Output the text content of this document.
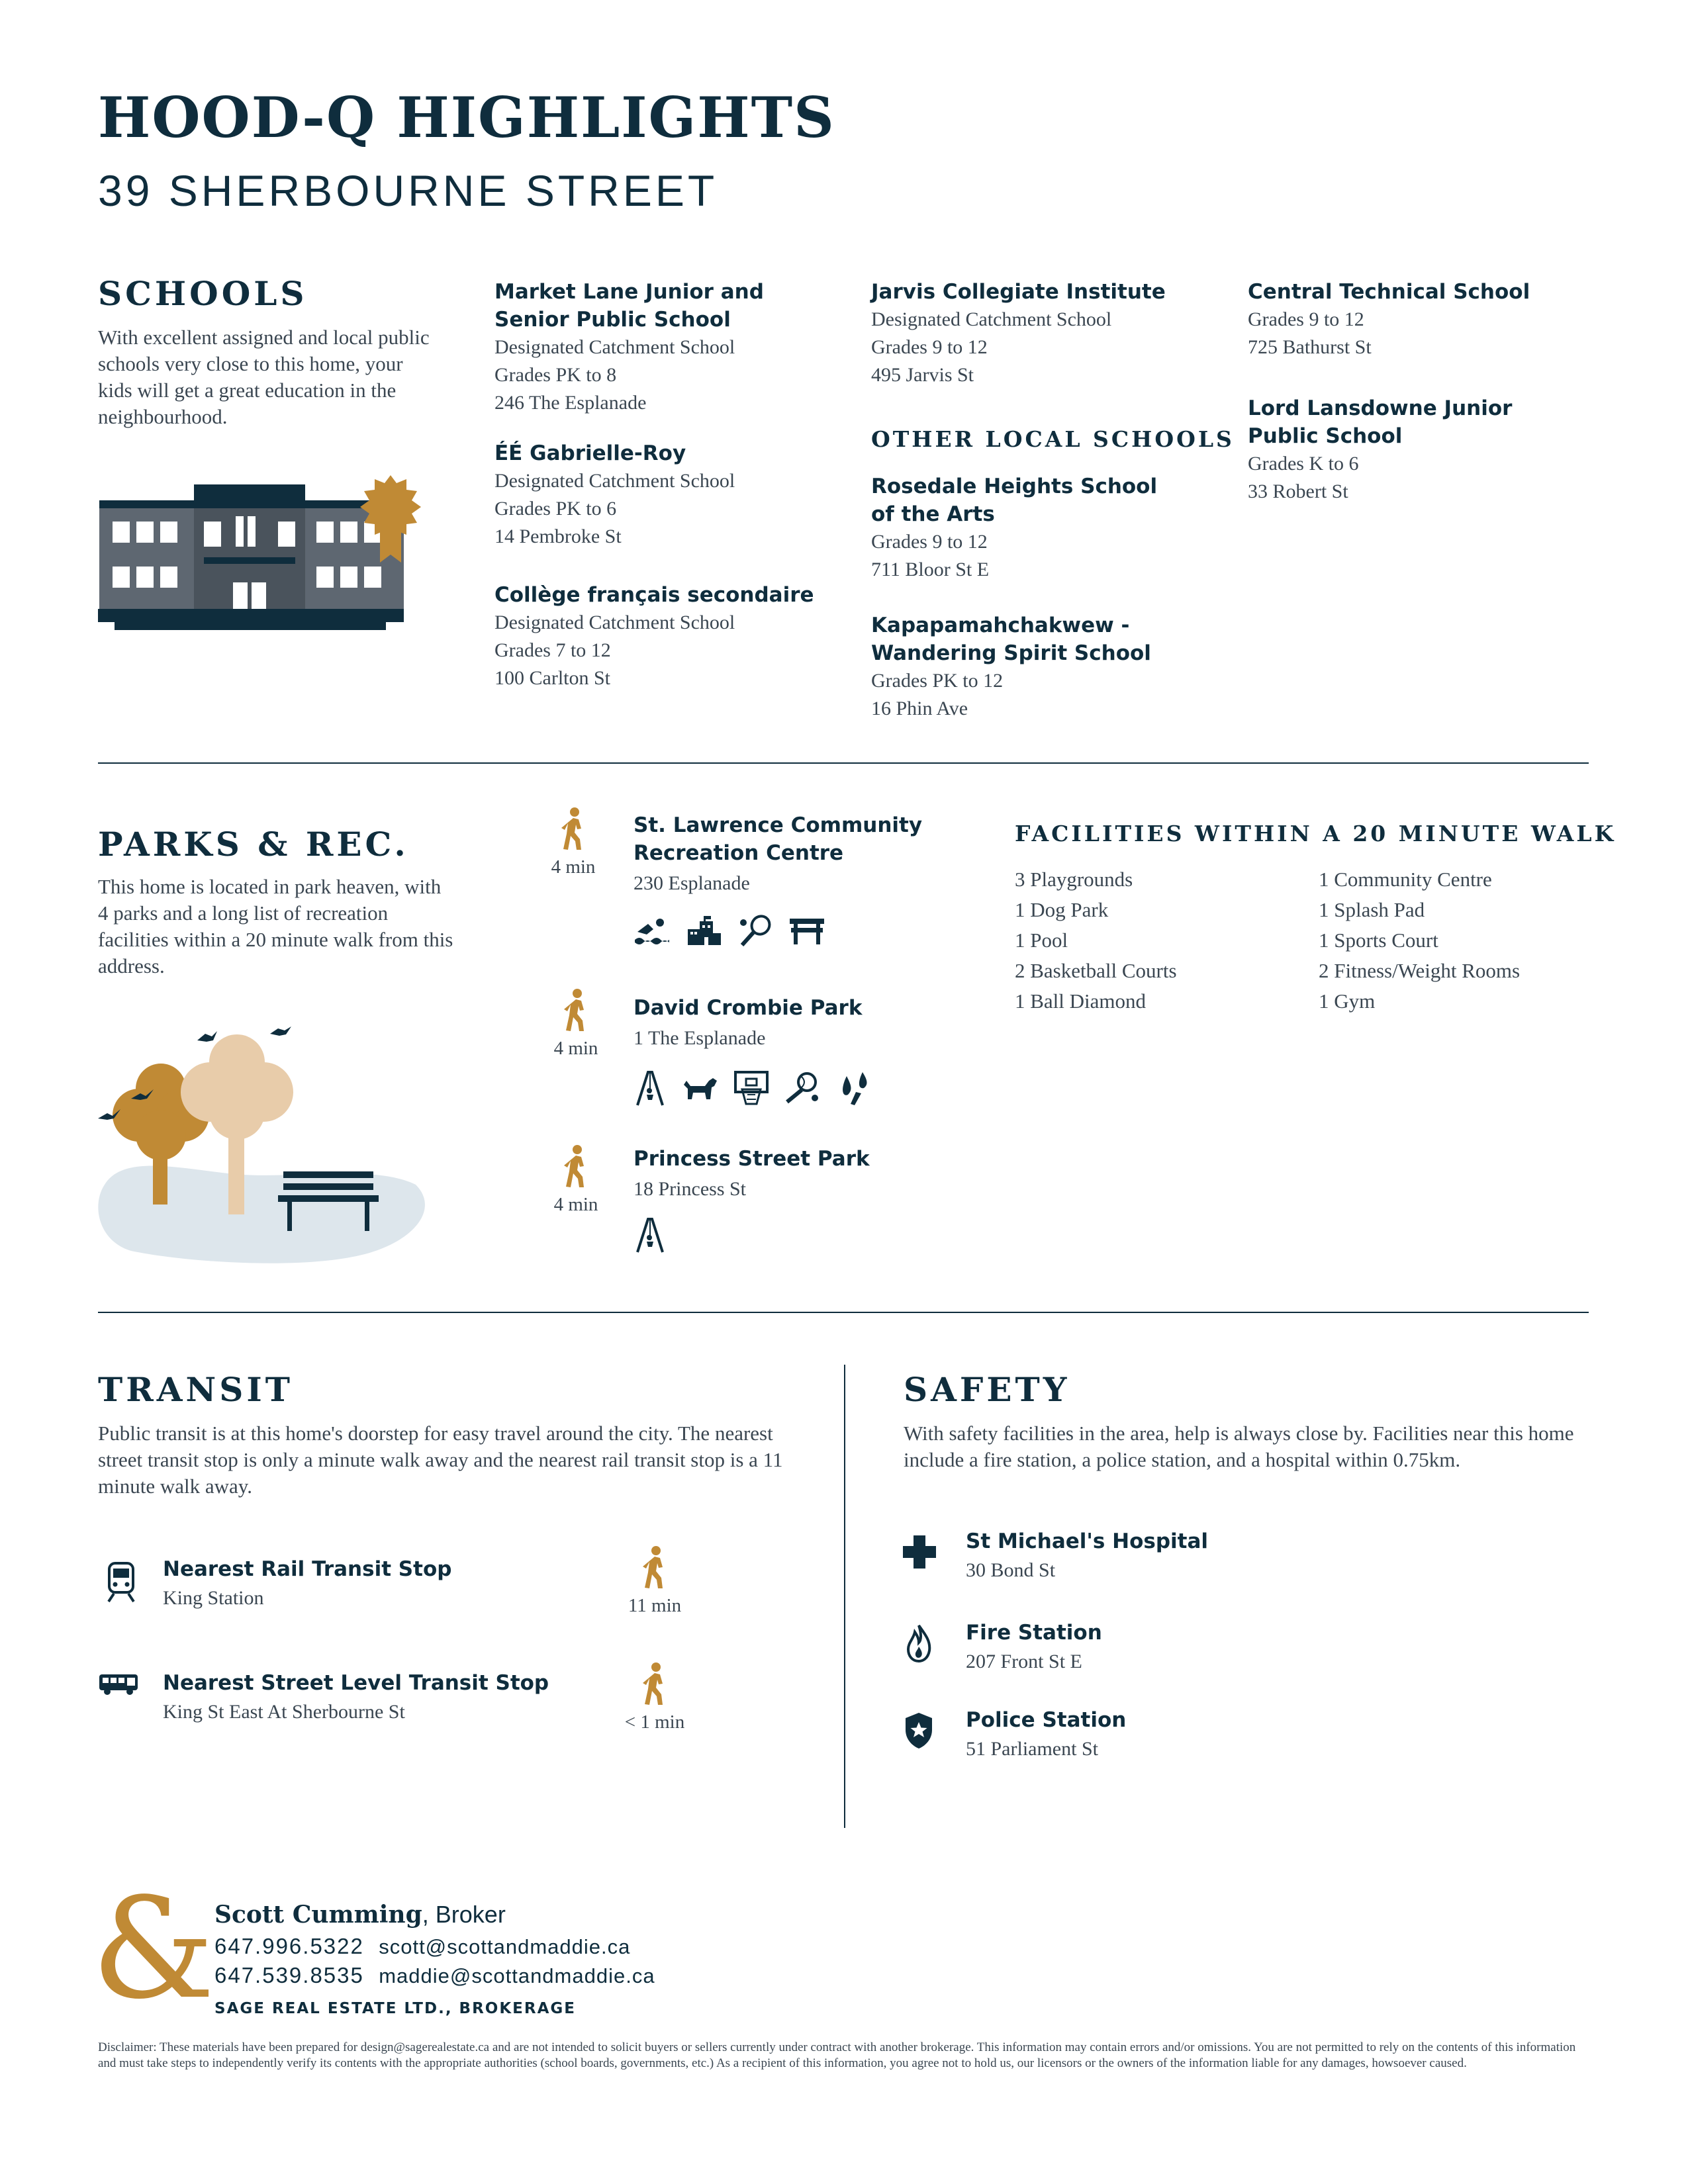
HOOD-Q HIGHLIGHTS
39 SHERBOURNE STREET
SCHOOLS
With excellent assigned and local public schools very close to this home, your kids will get a great education in the neighbourhood.
Market Lane Junior and Senior Public School
Designated Catchment School
Grades PK to 8
246 The Esplanade
ÉÉ Gabrielle-Roy
Designated Catchment School
Grades PK to 6
14 Pembroke St
Collège français secondaire
Designated Catchment School
Grades 7 to 12
100 Carlton St
Jarvis Collegiate Institute
Designated Catchment School
Grades 9 to 12
495 Jarvis St
OTHER LOCAL SCHOOLS
Rosedale Heights School of the Arts
Grades 9 to 12
711 Bloor St E
Kapapamahchakwew - Wandering Spirit School
Grades PK to 12
16 Phin Ave
Central Technical School
Grades 9 to 12
725 Bathurst St
Lord Lansdowne Junior Public School
Grades K to 6
33 Robert St
PARKS & REC.
This home is located in park heaven, with 4 parks and a long list of recreation facilities within a 20 minute walk from this address.
4 min
St. Lawrence Community Recreation Centre
230 Esplanade
4 min
David Crombie Park
1 The Esplanade
4 min
Princess Street Park
18 Princess St
FACILITIES WITHIN A 20 MINUTE WALK
3 Playgrounds
1 Dog Park
1 Pool
2 Basketball Courts
1 Ball Diamond
1 Community Centre
1 Splash Pad
1 Sports Court
2 Fitness/Weight Rooms
1 Gym
TRANSIT
Public transit is at this home's doorstep for easy travel around the city. The nearest street transit stop is only a minute walk away and the nearest rail transit stop is a 11 minute walk away.
Nearest Rail Transit Stop
King Station	11 min
Nearest Street Level Transit Stop
King St East At Sherbourne St	< 1 min
SAFETY
With safety facilities in the area, help is always close by. Facilities near this home include a fire station, a police station, and a hospital within 0.75km.
St Michael's Hospital
30 Bond St
Fire Station
207 Front St E
Police Station
51 Parliament St
& Scott Cumming, Broker
647.996.5322 scott@scottandmaddie.ca
647.539.8535 maddie@scottandmaddie.ca
SAGE REAL ESTATE LTD., BROKERAGE
Disclaimer: These materials have been prepared for design@sagerealestate.ca and are not intended to solicit buyers or sellers currently under contract with another brokerage. This information may contain errors and/or omissions. You are not permitted to rely on the contents of this information and must take steps to independently verify its contents with the appropriate authorities (school boards, governments, etc.) As a recipient of this information, you agree not to hold us, our licensors or the owners of the information liable for any damages, howsoever caused.
